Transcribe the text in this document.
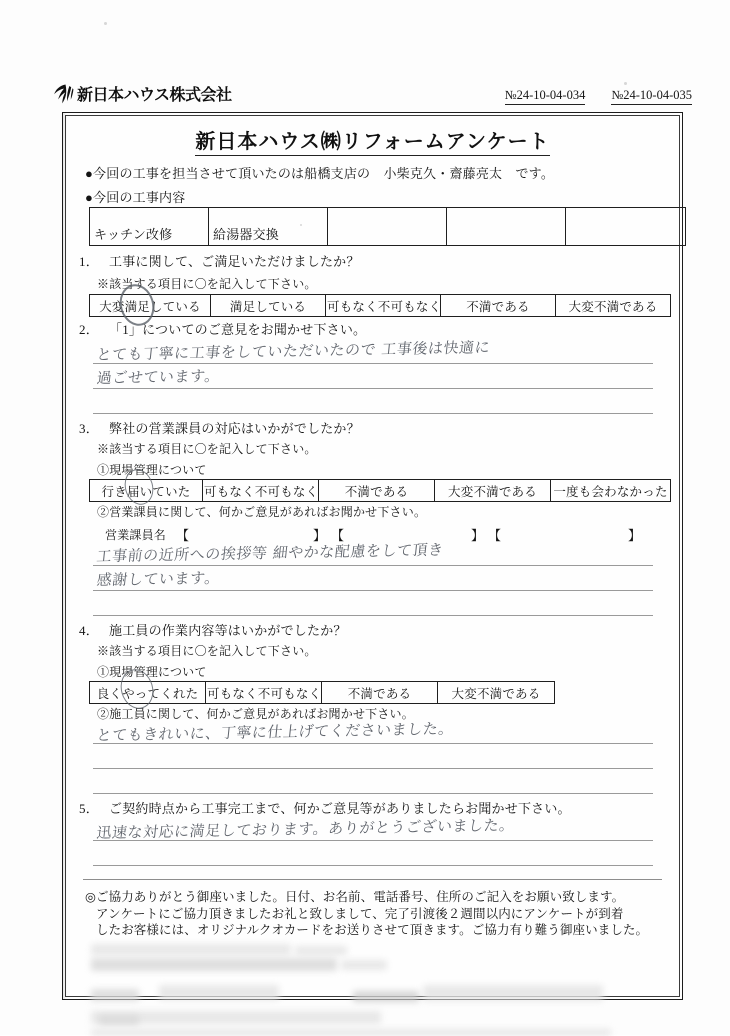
新日本ハウス株式会社	№24-10-04-034 №24-10-04-035
新日本ハウス㈱リフォームアンケート
●今回の工事を担当させて頂いたのは船橋支店の　小柴克久・齋藤亮太　です。
●今回の工事内容
キッチン改修	給湯器交換			
1． 工事に関して、ご満足いただけましたか？
※該当する項目に〇を記入して下さい。
大変満足している	満足している	可もなく不可もなく	不満である	大変不満である
2． 「1」についてのご意見をお聞かせ下さい。
とても丁寧に工事をしていただいたので 工事後は快適に
過ごせています。
3． 弊社の営業課員の対応はいかがでしたか？
※該当する項目に〇を記入して下さい。
①現場管理について
行き届いていた	可もなく不可もなく	不満である	大変不満である	一度も会わなかった
②営業課員に関して、何かご意見があればお聞かせ下さい。
営業課員名 【	】 【	】 【	】
工事前の近所への挨拶等 細やかな配慮をして頂き
感謝しています。
4． 施工員の作業内容等はいかがでしたか？
※該当する項目に〇を記入して下さい。
①現場管理について
良くやってくれた	可もなく不可もなく	不満である	大変不満である
②施工員に関して、何かご意見があればお聞かせ下さい。
とてもきれいに、丁寧に仕上げてくださいました。
5． ご契約時点から工事完工まで、何かご意見等がありましたらお聞かせ下さい。
迅速な対応に満足しております。ありがとうございました。
◎ご協力ありがとう御座いました。日付、お名前、電話番号、住所のご記入をお願い致します。
アンケートにご協力頂きましたお礼と致しまして、完了引渡後２週間以内にアンケートが到着
したお客様には、オリジナルクオカードをお送りさせて頂きます。ご協力有り難う御座いました。
